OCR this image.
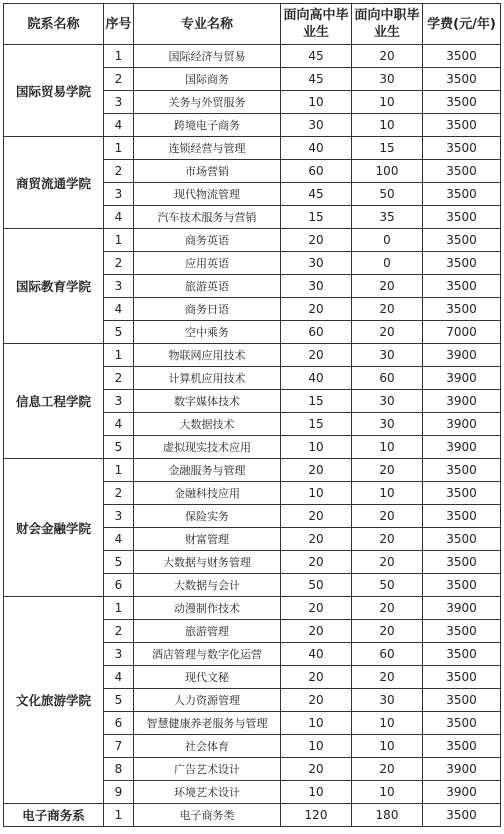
院系名称	序号	专业名称	面向高中毕业生	面向中职毕业生	学费(元/年)
国际贸易学院	1	国际经济与贸易	45	20	3500
	2	国际商务	45	30	3500
	3	关务与外贸服务	10	10	3500
	4	跨境电子商务	30	10	3500
商贸流通学院	1	连锁经营与管理	40	15	3500
	2	市场营销	60	100	3500
	3	现代物流管理	45	50	3500
	4	汽车技术服务与营销	15	35	3500
国际教育学院	1	商务英语	20	0	3500
	2	应用英语	30	0	3500
	3	旅游英语	30	20	3500
	4	商务日语	20	20	3500
	5	空中乘务	60	20	7000
信息工程学院	1	物联网应用技术	20	30	3900
	2	计算机应用技术	40	60	3900
	3	数字媒体技术	15	30	3900
	4	大数据技术	15	30	3900
	5	虚拟现实技术应用	10	10	3900
财会金融学院	1	金融服务与管理	20	20	3500
	2	金融科技应用	10	10	3500
	3	保险实务	20	20	3500
	4	财富管理	20	20	3500
	5	大数据与财务管理	20	20	3500
	6	大数据与会计	50	50	3500
文化旅游学院	1	动漫制作技术	20	20	3900
	2	旅游管理	20	20	3500
	3	酒店管理与数字化运营	40	60	3500
	4	现代文秘	20	20	3500
	5	人力资源管理	20	30	3500
	6	智慧健康养老服务与管理	10	10	3500
	7	社会体育	10	10	3500
	8	广告艺术设计	20	20	3900
	9	环境艺术设计	10	10	3900
电子商务系	1	电子商务类	120	180	3500
